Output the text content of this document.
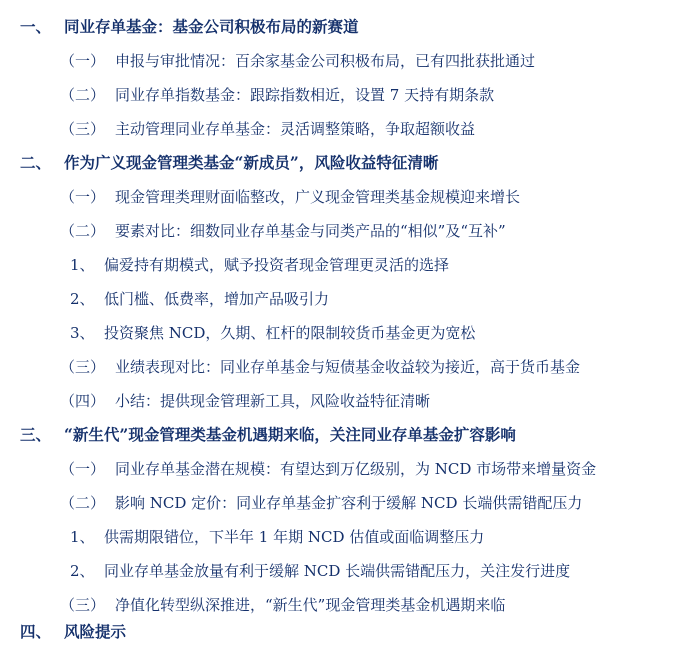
一、 同业存单基金：基金公司积极布局的新赛道
（一） 申报与审批情况：百余家基金公司积极布局，已有四批获批通过
（二） 同业存单指数基金：跟踪指数相近，设置 7 天持有期条款
（三） 主动管理同业存单基金：灵活调整策略，争取超额收益
二、 作为广义现金管理类基金“新成员”，风险收益特征清晰
（一） 现金管理类理财面临整改，广义现金管理类基金规模迎来增长
（二） 要素对比：细数同业存单基金与同类产品的“相似”及“互补”
1、 偏爱持有期模式，赋予投资者现金管理更灵活的选择
2、 低门槛、低费率，增加产品吸引力
3、 投资聚焦 NCD，久期、杠杆的限制较货币基金更为宽松
（三） 业绩表现对比：同业存单基金与短债基金收益较为接近，高于货币基金
（四） 小结：提供现金管理新工具，风险收益特征清晰
三、 “新生代”现金管理类基金机遇期来临，关注同业存单基金扩容影响
（一） 同业存单基金潜在规模：有望达到万亿级别，为 NCD 市场带来增量资金
（二） 影响 NCD 定价：同业存单基金扩容利于缓解 NCD 长端供需错配压力
1、 供需期限错位，下半年 1 年期 NCD 估值或面临调整压力
2、 同业存单基金放量有利于缓解 NCD 长端供需错配压力，关注发行进度
（三） 净值化转型纵深推进，“新生代”现金管理类基金机遇期来临
四、 风险提示
